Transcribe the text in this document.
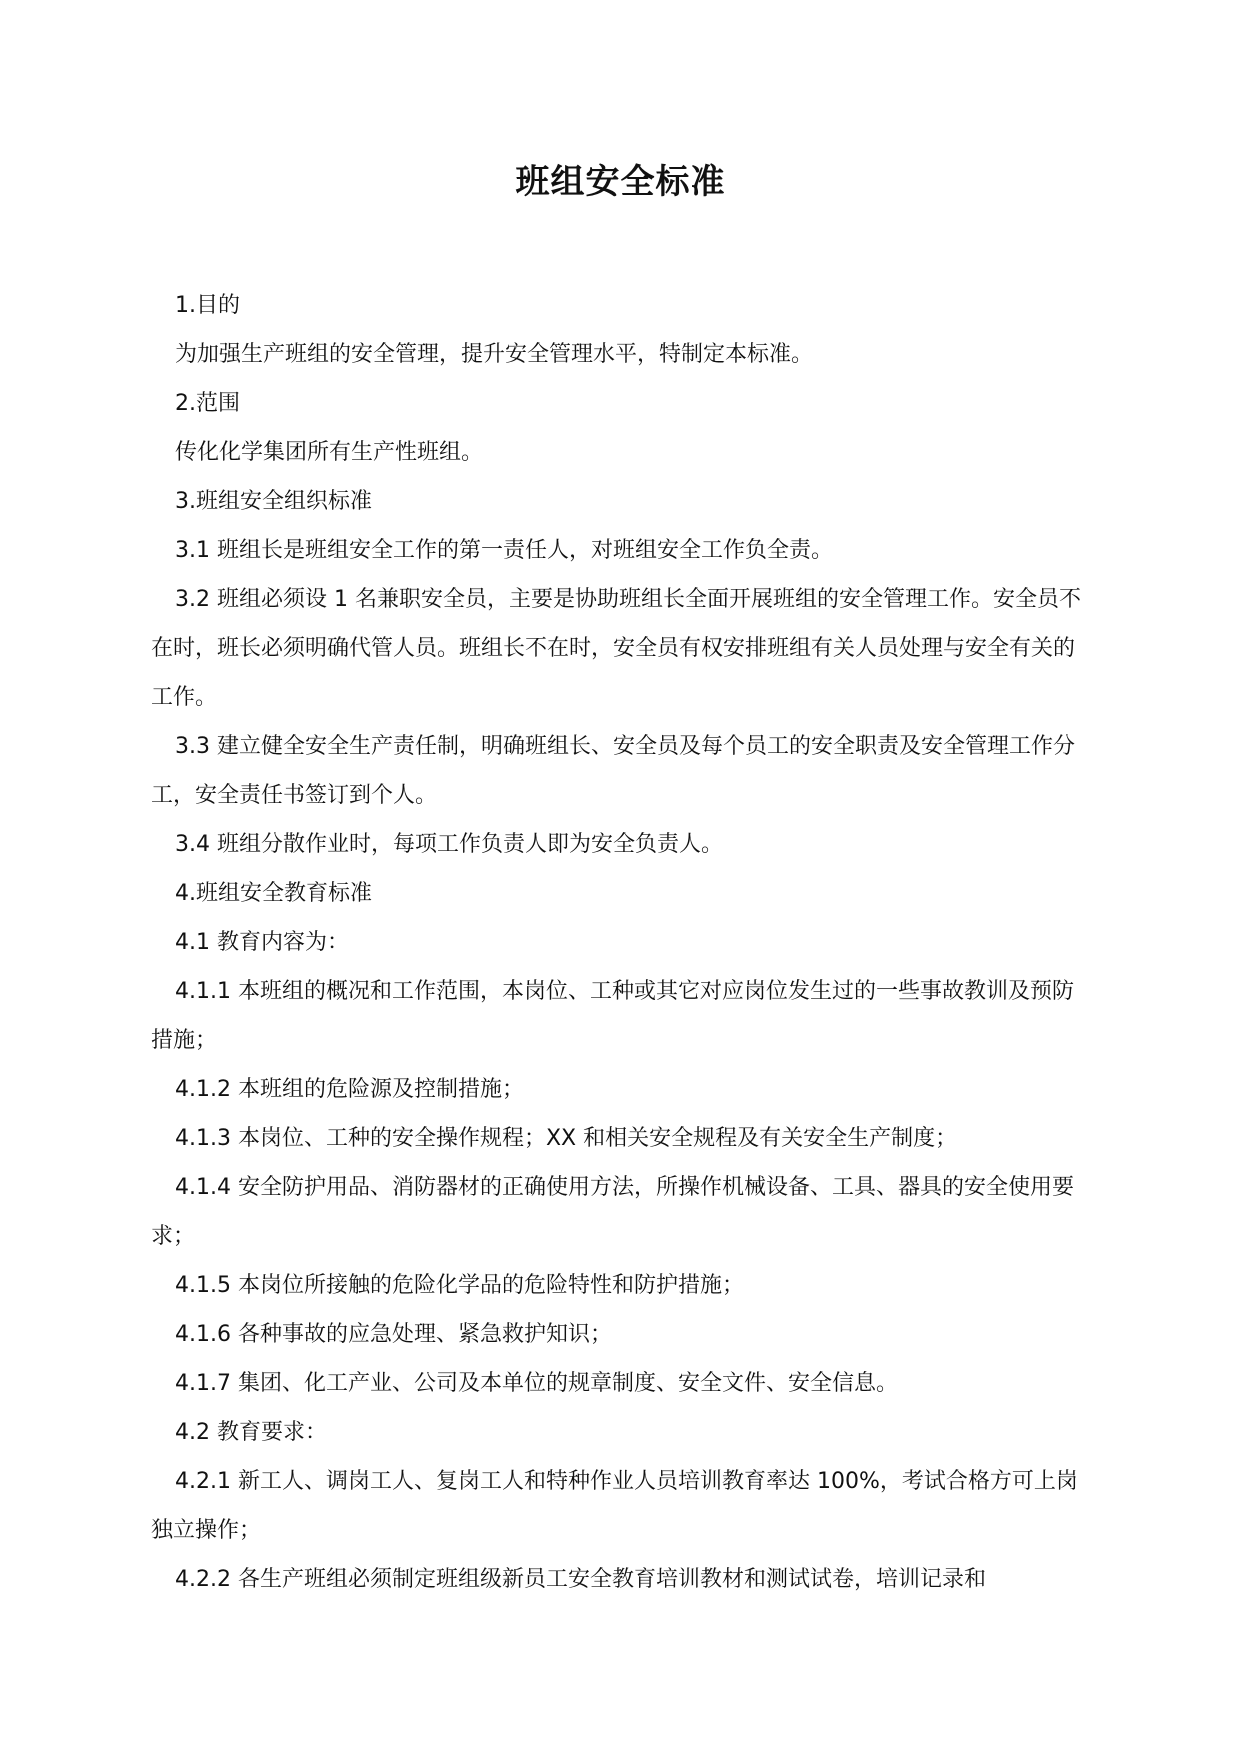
班组安全标准

1.目的

为加强生产班组的安全管理，提升安全管理水平，特制定本标准。

2.范围

传化化学集团所有生产性班组。

3.班组安全组织标准

3.1 班组长是班组安全工作的第一责任人，对班组安全工作负全责。

3.2 班组必须设 1 名兼职安全员，主要是协助班组长全面开展班组的安全管理工作。安全员不在时，班长必须明确代管人员。班组长不在时，安全员有权安排班组有关人员处理与安全有关的工作。

3.3 建立健全安全生产责任制，明确班组长、安全员及每个员工的安全职责及安全管理工作分工，安全责任书签订到个人。

3.4 班组分散作业时，每项工作负责人即为安全负责人。

4.班组安全教育标准

4.1 教育内容为：

4.1.1 本班组的概况和工作范围，本岗位、工种或其它对应岗位发生过的一些事故教训及预防措施；

4.1.2 本班组的危险源及控制措施；

4.1.3 本岗位、工种的安全操作规程；XX 和相关安全规程及有关安全生产制度；

4.1.4 安全防护用品、消防器材的正确使用方法，所操作机械设备、工具、器具的安全使用要求；

4.1.5 本岗位所接触的危险化学品的危险特性和防护措施；

4.1.6 各种事故的应急处理、紧急救护知识；

4.1.7 集团、化工产业、公司及本单位的规章制度、安全文件、安全信息。

4.2 教育要求：

4.2.1 新工人、调岗工人、复岗工人和特种作业人员培训教育率达 100%，考试合格方可上岗独立操作；

4.2.2 各生产班组必须制定班组级新员工安全教育培训教材和测试试卷，培训记录和
